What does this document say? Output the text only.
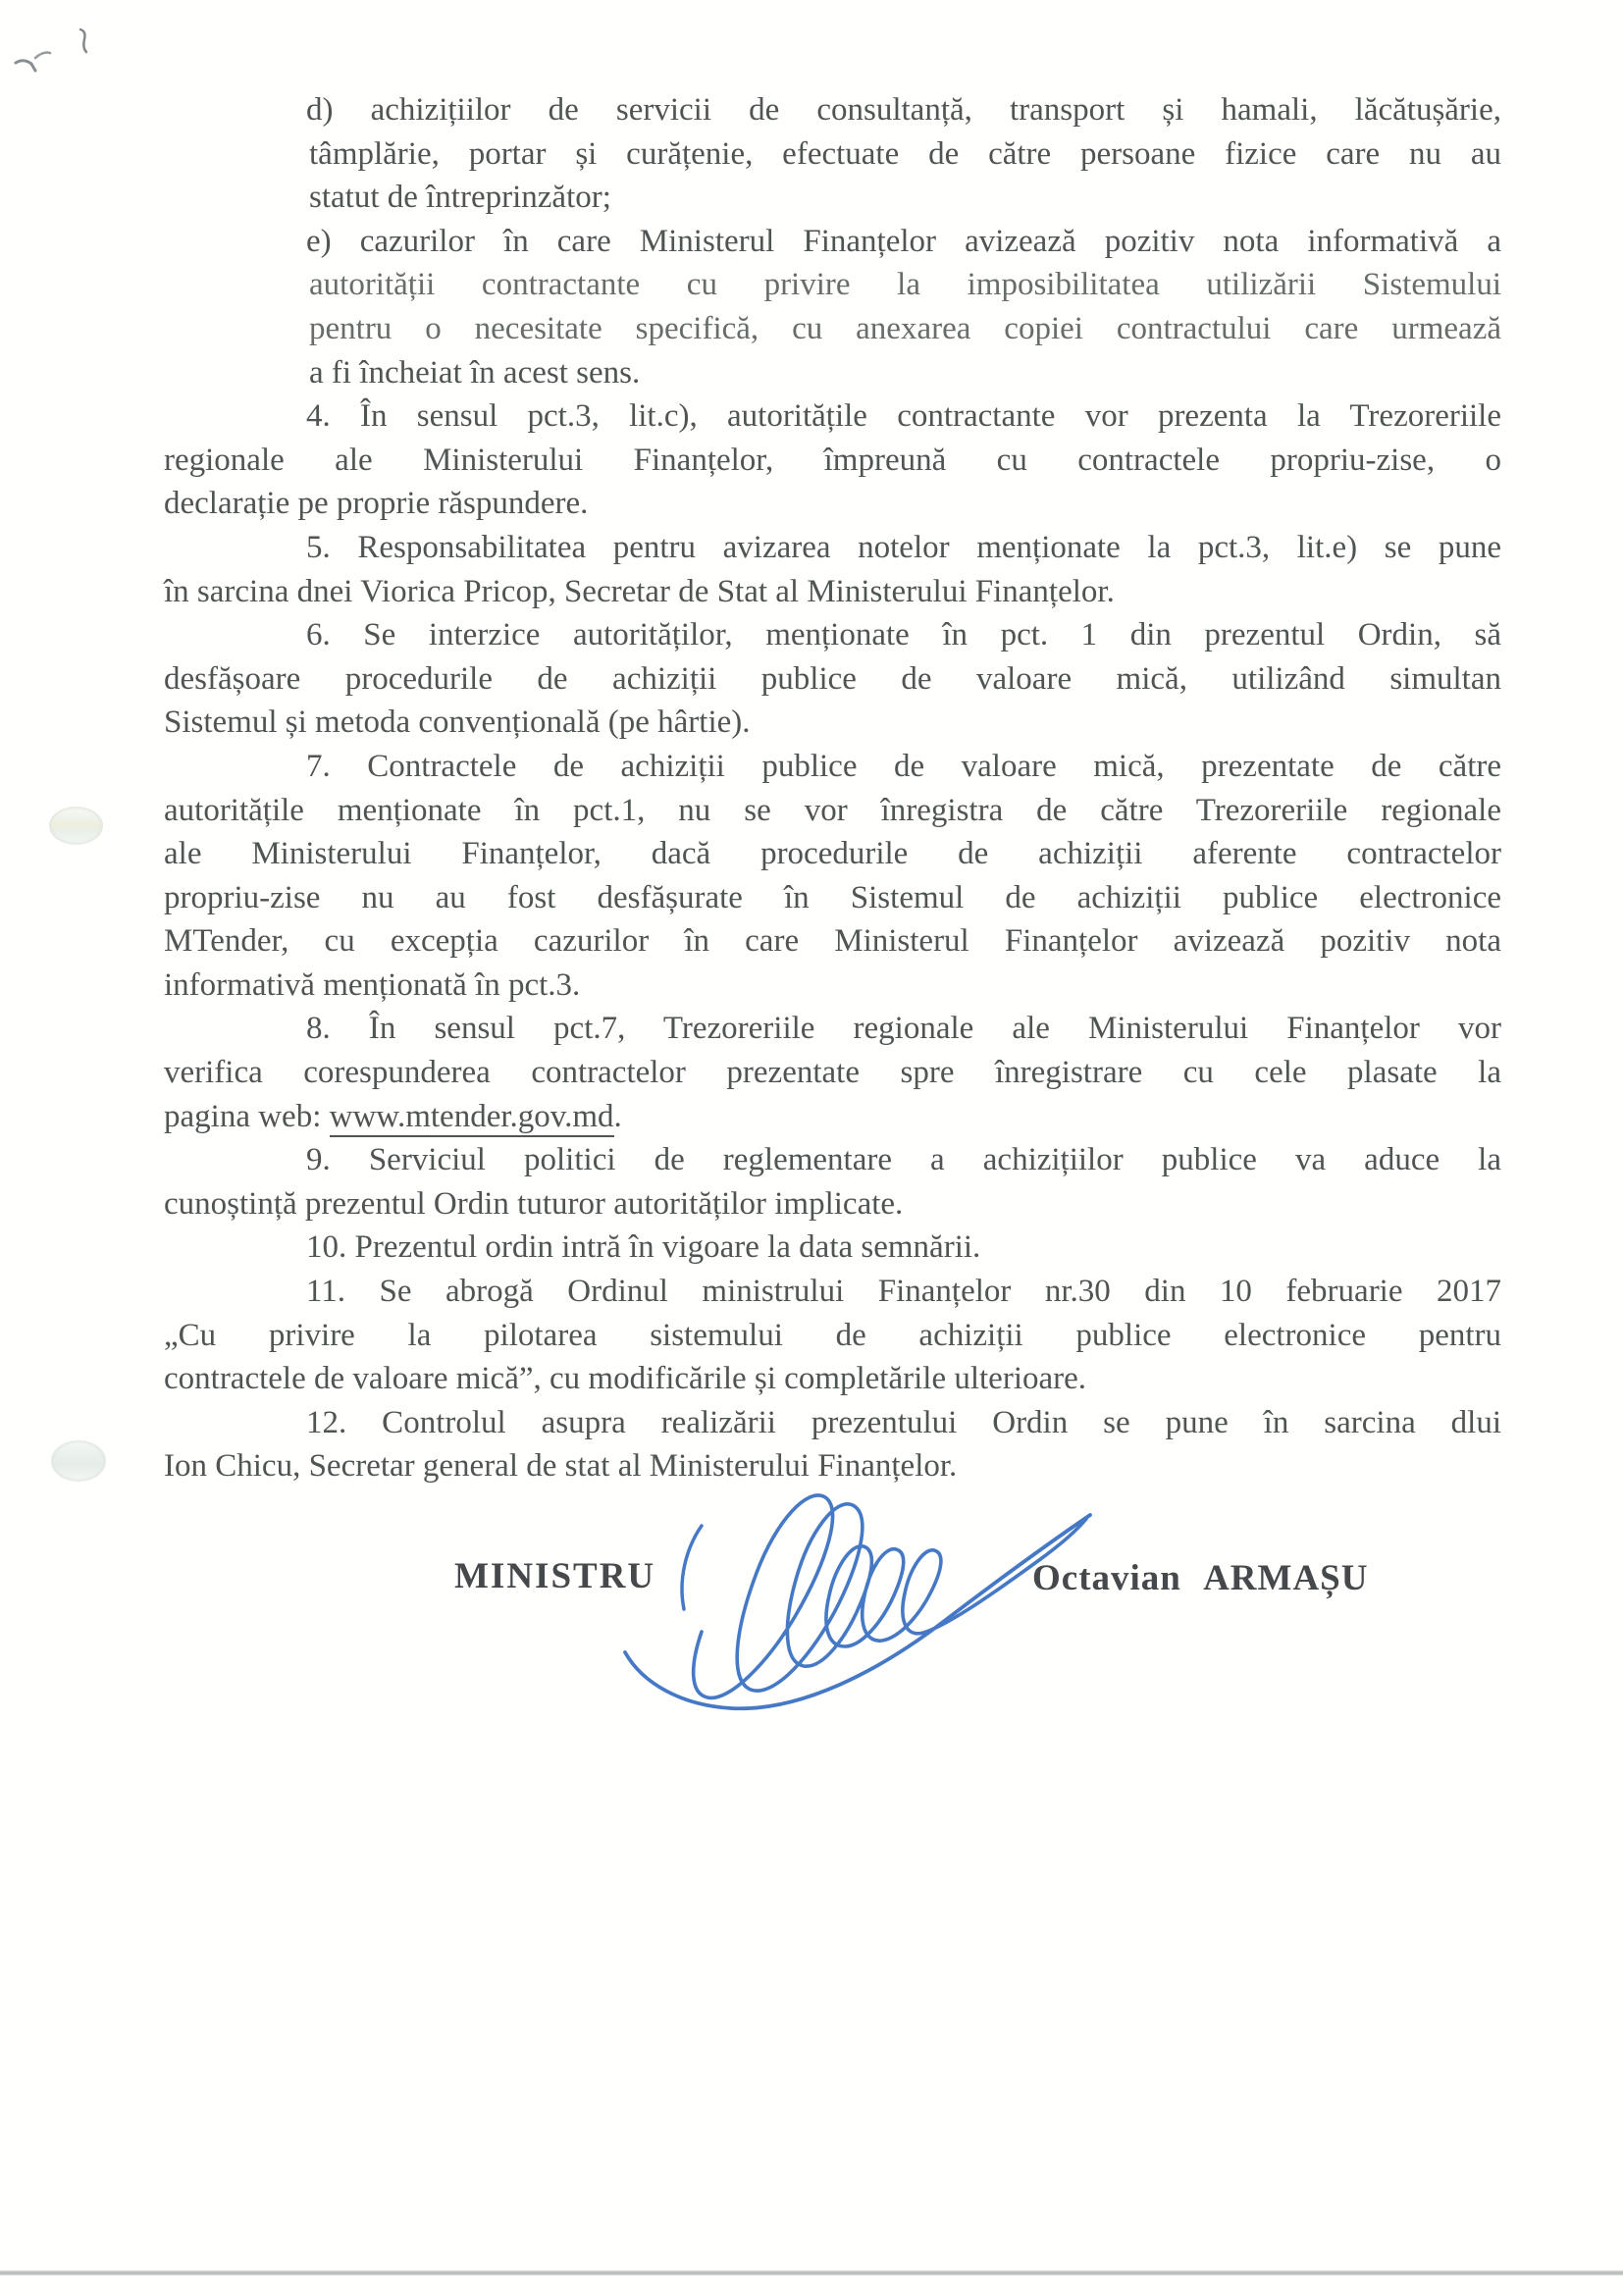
d) achizițiilor de servicii de consultanță, transport și hamali, lăcătușărie,
tâmplărie, portar și curățenie, efectuate de către persoane fizice care nu au
statut de întreprinzător;
e) cazurilor în care Ministerul Finanțelor avizează pozitiv nota informativă a
autorității contractante cu privire la imposibilitatea utilizării Sistemului
pentru o necesitate specifică, cu anexarea copiei contractului care urmează
a fi încheiat în acest sens.
4. În sensul pct.3, lit.c), autoritățile contractante vor prezenta la Trezoreriile
regionale ale Ministerului Finanțelor, împreună cu contractele propriu-zise, o
declarație pe proprie răspundere.
5. Responsabilitatea pentru avizarea notelor menționate la pct.3, lit.e) se pune
în sarcina dnei Viorica Pricop, Secretar de Stat al Ministerului Finanțelor.
6. Se interzice autorităților, menționate în pct. 1 din prezentul Ordin, să
desfășoare procedurile de achiziții publice de valoare mică, utilizând simultan
Sistemul și metoda convențională (pe hârtie).
7. Contractele de achiziții publice de valoare mică, prezentate de către
autoritățile menționate în pct.1, nu se vor înregistra de către Trezoreriile regionale
ale Ministerului Finanțelor, dacă procedurile de achiziții aferente contractelor
propriu-zise nu au fost desfășurate în Sistemul de achiziții publice electronice
MTender, cu excepția cazurilor în care Ministerul Finanțelor avizează pozitiv nota
informativă menționată în pct.3.
8. În sensul pct.7, Trezoreriile regionale ale Ministerului Finanțelor vor
verifica corespunderea contractelor prezentate spre înregistrare cu cele plasate la
pagina web: www.mtender.gov.md.
9. Serviciul politici de reglementare a achizițiilor publice va aduce la
cunoștință prezentul Ordin tuturor autorităților implicate.
10. Prezentul ordin intră în vigoare la data semnării.
11. Se abrogă Ordinul ministrului Finanțelor nr.30 din 10 februarie 2017
„Cu privire la pilotarea sistemului de achiziții publice electronice pentru
contractele de valoare mică”, cu modificările și completările ulterioare.
12. Controlul asupra realizării prezentului Ordin se pune în sarcina dlui
Ion Chicu, Secretar general de stat al Ministerului Finanțelor.
MINISTRU	Octavian ARMAȘU
